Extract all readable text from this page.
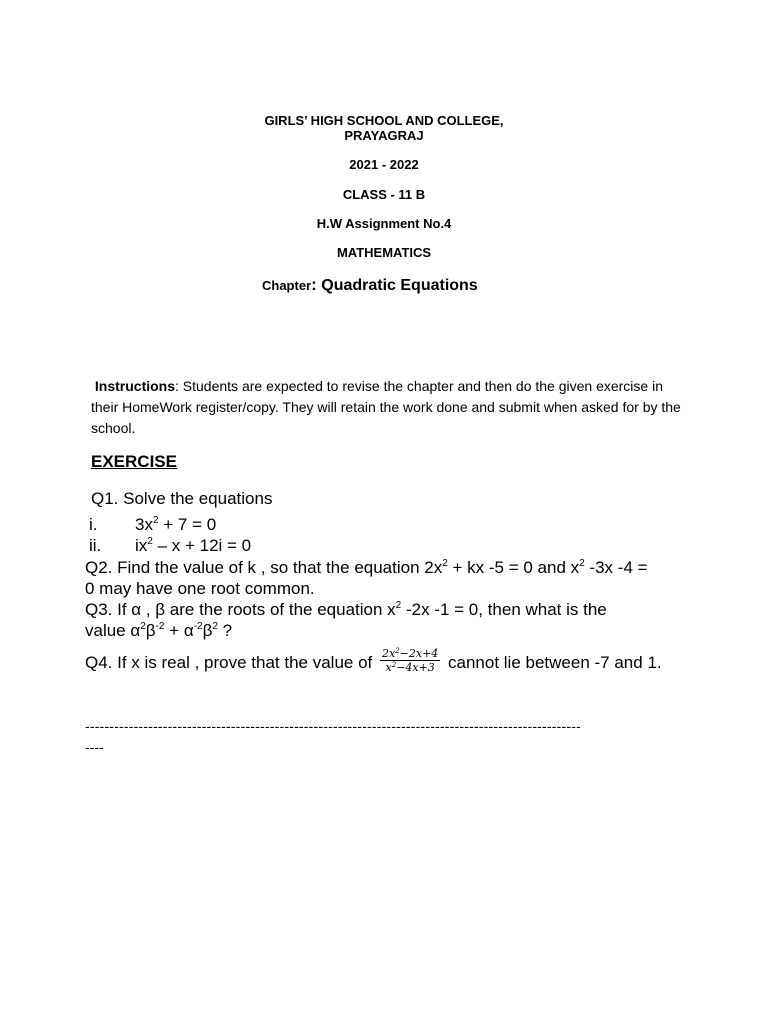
GIRLS’ HIGH SCHOOL AND COLLEGE,
PRAYAGRAJ
2021 - 2022
CLASS - 11 B
H.W Assignment No.4
MATHEMATICS
Chapter: Quadratic Equations
Instructions: Students are expected to revise the chapter and then do the given exercise in their HomeWork register/copy. They will retain the work done and submit when asked for by the school.
EXERCISE
Q1. Solve the equations
i. $3x^2 + 7 = 0$
ii. $ix^2 - x + 12i = 0$
Q2. Find the value of k , so that the equation $2x^2$ + kx -5 = 0 and $x^2$ -3x -4 =
0 may have one root common.
Q3. If α , β are the roots of the equation $x^2$ -2x -1 = 0, then what is the
value $\alpha^2\beta^{-2} + \alpha^{-2}\beta^2$ ?
Q4. If x is real , prove that the value of $\frac{2x^2-2x+4}{x^2-4x+3}$ cannot lie between -7 and 1.
------------------------------------------------------------------------------------------------------
----
